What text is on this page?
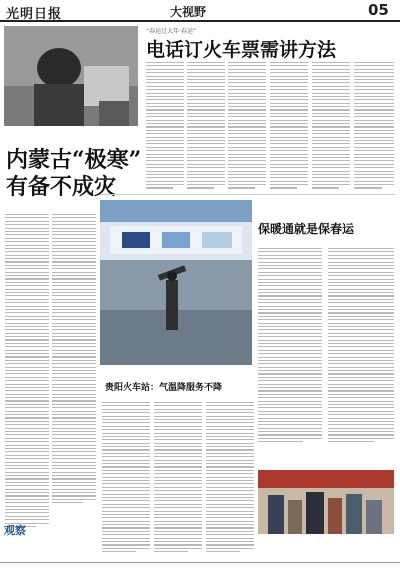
光明日报	大视野	05
“春运过大年·春运”
电话订火车票需讲方法
内蒙古“极寒”
有备不成灾
观察
保暖通就是保春运
贵阳火车站：气温降服务不降
